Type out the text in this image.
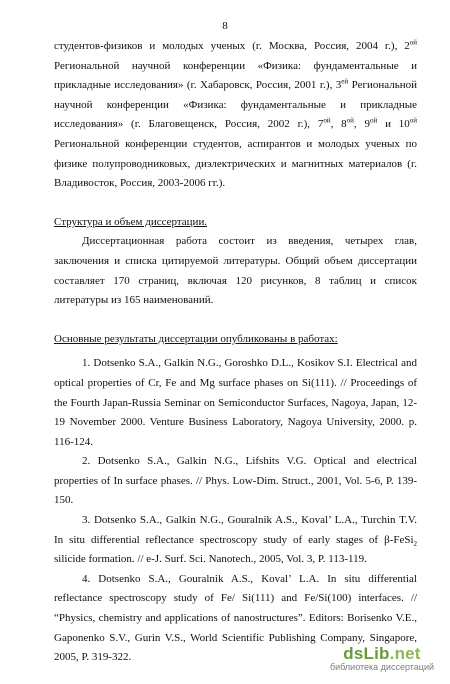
8

студентов-физиков и молодых ученых (г. Москва, Россия, 2004 г.), $2^{ой}$ Региональной научной конференции «Физика: фундаментальные и прикладные исследования» (г. Хабаровск, Россия, 2001 г.), $3^{ей}$ Региональной научной конференции «Физика: фундаментальные и прикладные исследования» (г. Благовещенск, Россия, 2002 г.), $7^{ой}$, $8^{ой}$, $9^{ой}$ и $10^{ой}$ Региональной конференции студентов, аспирантов и молодых ученых по физике полупроводниковых, диэлектрических и магнитных материалов (г. Владивосток, Россия, 2003-2006 гг.).

Структура и объем диссертации.

Диссертационная работа состоит из введения, четырех глав, заключения и списка цитируемой литературы. Общий объем диссертации составляет 170 страниц, включая 120 рисунков, 8 таблиц и список литературы из 165 наименований.

Основные результаты диссертации опубликованы в работах:

1. Dotsenko S.A., Galkin N.G., Goroshko D.L., Kosikov S.I. Electrical and optical properties of Cr, Fe and Mg surface phases on Si(111). // Proceedings of the Fourth Japan-Russia Seminar on Semiconductor Surfaces, Nagoya, Japan, 12-19 November 2000. Venture Business Laboratory, Nagoya University, 2000. p. 116-124.

2. Dotsenko S.A., Galkin N.G., Lifshits V.G. Optical and electrical properties of In surface phases. // Phys. Low-Dim. Struct., 2001, Vol. 5-6, P. 139-150.

3. Dotsenko S.A., Galkin N.G., Gouralnik A.S., Koval’ L.A., Turchin T.V. In situ differential reflectance spectroscopy study of early stages of β-FeSi$_2$ silicide formation. // e-J. Surf. Sci. Nanotech., 2005, Vol. 3, P. 113-119.

4. Dotsenko S.A., Gouralnik A.S., Koval’ L.A. In situ differential reflectance spectroscopy study of Fe/ Si(111) and Fe/Si(100) interfaces. // “Physics, chemistry and applications of nanostructures”. Editors: Borisenko V.E., Gaponenko S.V., Gurin V.S., World Scientific Publishing Company, Singapore, 2005, P. 319-322.	dsLib.net
библиотека диссертаций
